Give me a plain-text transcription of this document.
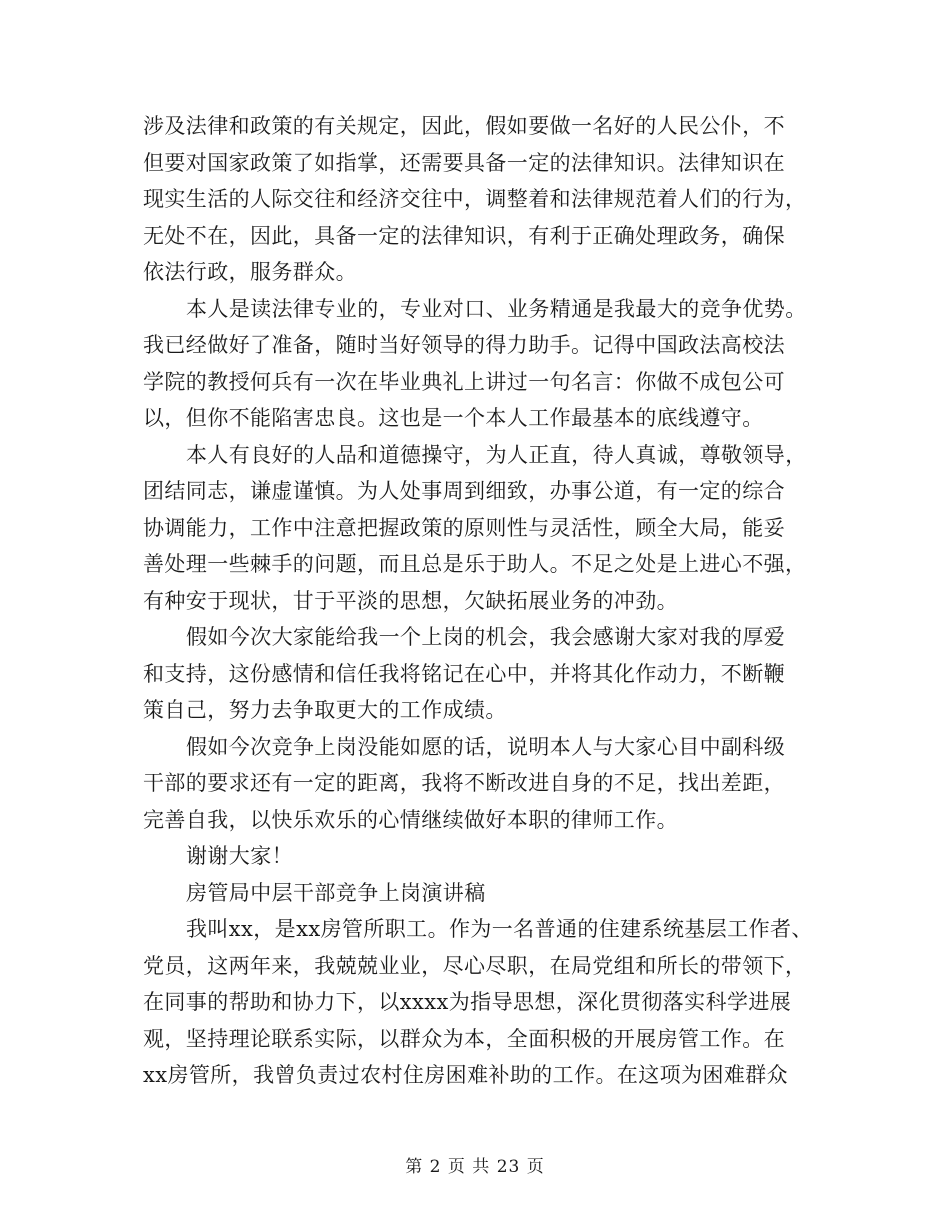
涉及法律和政策的有关规定，因此，假如要做一名好的人民公仆，不
但要对国家政策了如指掌，还需要具备一定的法律知识。法律知识在
现实生活的人际交往和经济交往中，调整着和法律规范着人们的行为，
无处不在，因此，具备一定的法律知识，有利于正确处理政务，确保
依法行政，服务群众。
本人是读法律专业的，专业对口、业务精通是我最大的竞争优势。
我已经做好了准备，随时当好领导的得力助手。记得中国政法高校法
学院的教授何兵有一次在毕业典礼上讲过一句名言：你做不成包公可
以，但你不能陷害忠良。这也是一个本人工作最基本的底线遵守。
本人有良好的人品和道德操守，为人正直，待人真诚，尊敬领导，
团结同志，谦虚谨慎。为人处事周到细致，办事公道，有一定的综合
协调能力，工作中注意把握政策的原则性与灵活性，顾全大局，能妥
善处理一些棘手的问题，而且总是乐于助人。不足之处是上进心不强，
有种安于现状，甘于平淡的思想，欠缺拓展业务的冲劲。
假如今次大家能给我一个上岗的机会，我会感谢大家对我的厚爱
和支持，这份感情和信任我将铭记在心中，并将其化作动力，不断鞭
策自己，努力去争取更大的工作成绩。
假如今次竞争上岗没能如愿的话，说明本人与大家心目中副科级
干部的要求还有一定的距离，我将不断改进自身的不足，找出差距，
完善自我，以快乐欢乐的心情继续做好本职的律师工作。
谢谢大家！
房管局中层干部竞争上岗演讲稿
我叫xx，是xx房管所职工。作为一名普通的住建系统基层工作者、
党员，这两年来，我兢兢业业，尽心尽职，在局党组和所长的带领下，
在同事的帮助和协力下，以xxxx为指导思想，深化贯彻落实科学进展
观，坚持理论联系实际，以群众为本，全面积极的开展房管工作。在
xx房管所，我曾负责过农村住房困难补助的工作。在这项为困难群众
第 2 页 共 23 页
